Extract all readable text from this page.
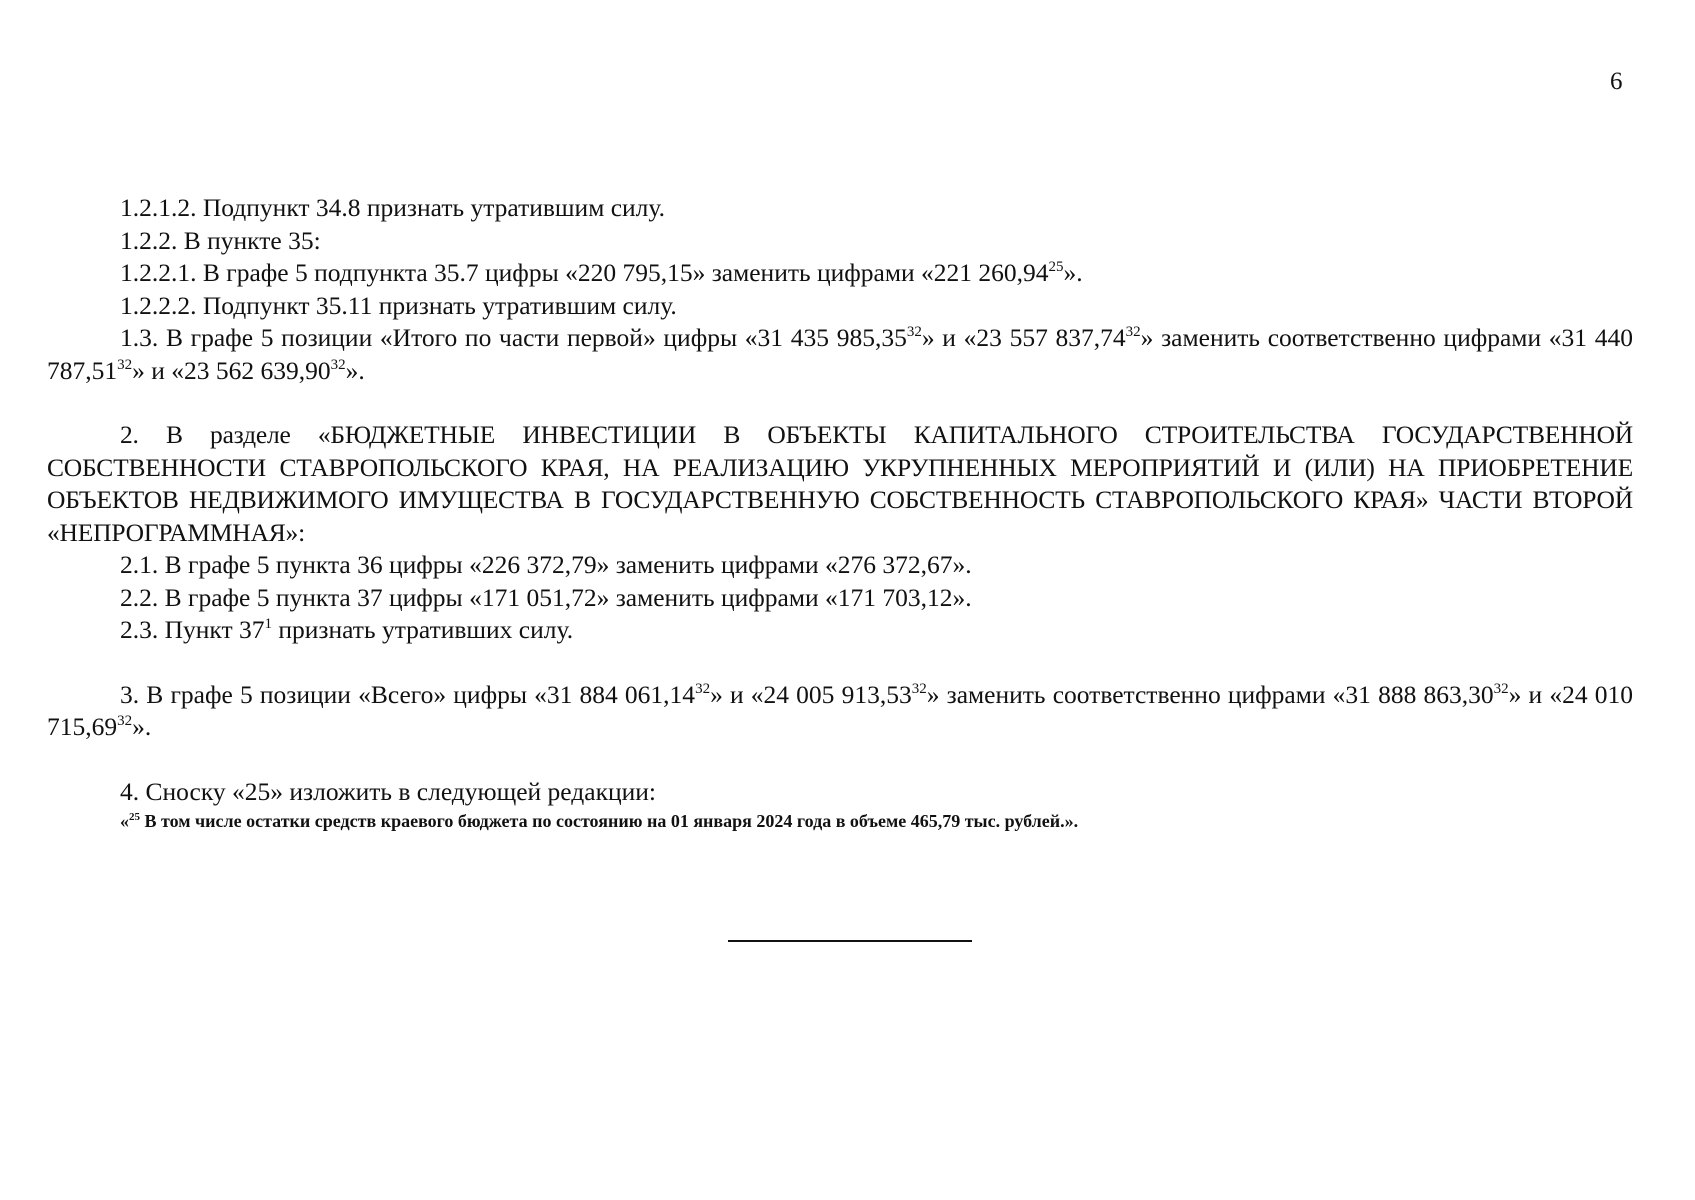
6

1.2.1.2. Подпункт 34.8 признать утратившим силу.

1.2.2. В пункте 35:

1.2.2.1. В графе 5 подпункта 35.7 цифры «220 795,15» заменить цифрами «221 260,94$^{25}$».

1.2.2.2. Подпункт 35.11 признать утратившим силу.

1.3. В графе 5 позиции «Итого по части первой» цифры «31 435 985,35$^{32}$» и «23 557 837,74$^{32}$» заменить соответственно цифрами «31 440 787,51$^{32}$» и «23 562 639,90$^{32}$».

2. В разделе «БЮДЖЕТНЫЕ ИНВЕСТИЦИИ В ОБЪЕКТЫ КАПИТАЛЬНОГО СТРОИТЕЛЬСТВА ГОСУДАРСТВЕННОЙ СОБСТВЕННОСТИ СТАВРОПОЛЬСКОГО КРАЯ, НА РЕАЛИЗАЦИЮ УКРУПНЕННЫХ МЕРОПРИЯТИЙ И (ИЛИ) НА ПРИОБРЕТЕНИЕ ОБЪЕКТОВ НЕДВИЖИМОГО ИМУЩЕСТВА В ГОСУДАРСТВЕННУЮ СОБСТВЕННОСТЬ СТАВРОПОЛЬСКОГО КРАЯ» ЧАСТИ ВТОРОЙ «НЕПРОГРАММНАЯ»:

2.1. В графе 5 пункта 36 цифры «226 372,79» заменить цифрами «276 372,67».

2.2. В графе 5 пункта 37 цифры «171 051,72» заменить цифрами «171 703,12».

2.3. Пункт $37^1$ признать утративших силу.

3. В графе 5 позиции «Всего» цифры «31 884 061,14$^{32}$» и «24 005 913,53$^{32}$» заменить соответственно цифрами «31 888 863,30$^{32}$» и «24 010 715,69$^{32}$».

4. Сноску «25» изложить в следующей редакции:

«$^{25}$ В том числе остатки средств краевого бюджета по состоянию на 01 января 2024 года в объеме 465,79 тыс. рублей.».
